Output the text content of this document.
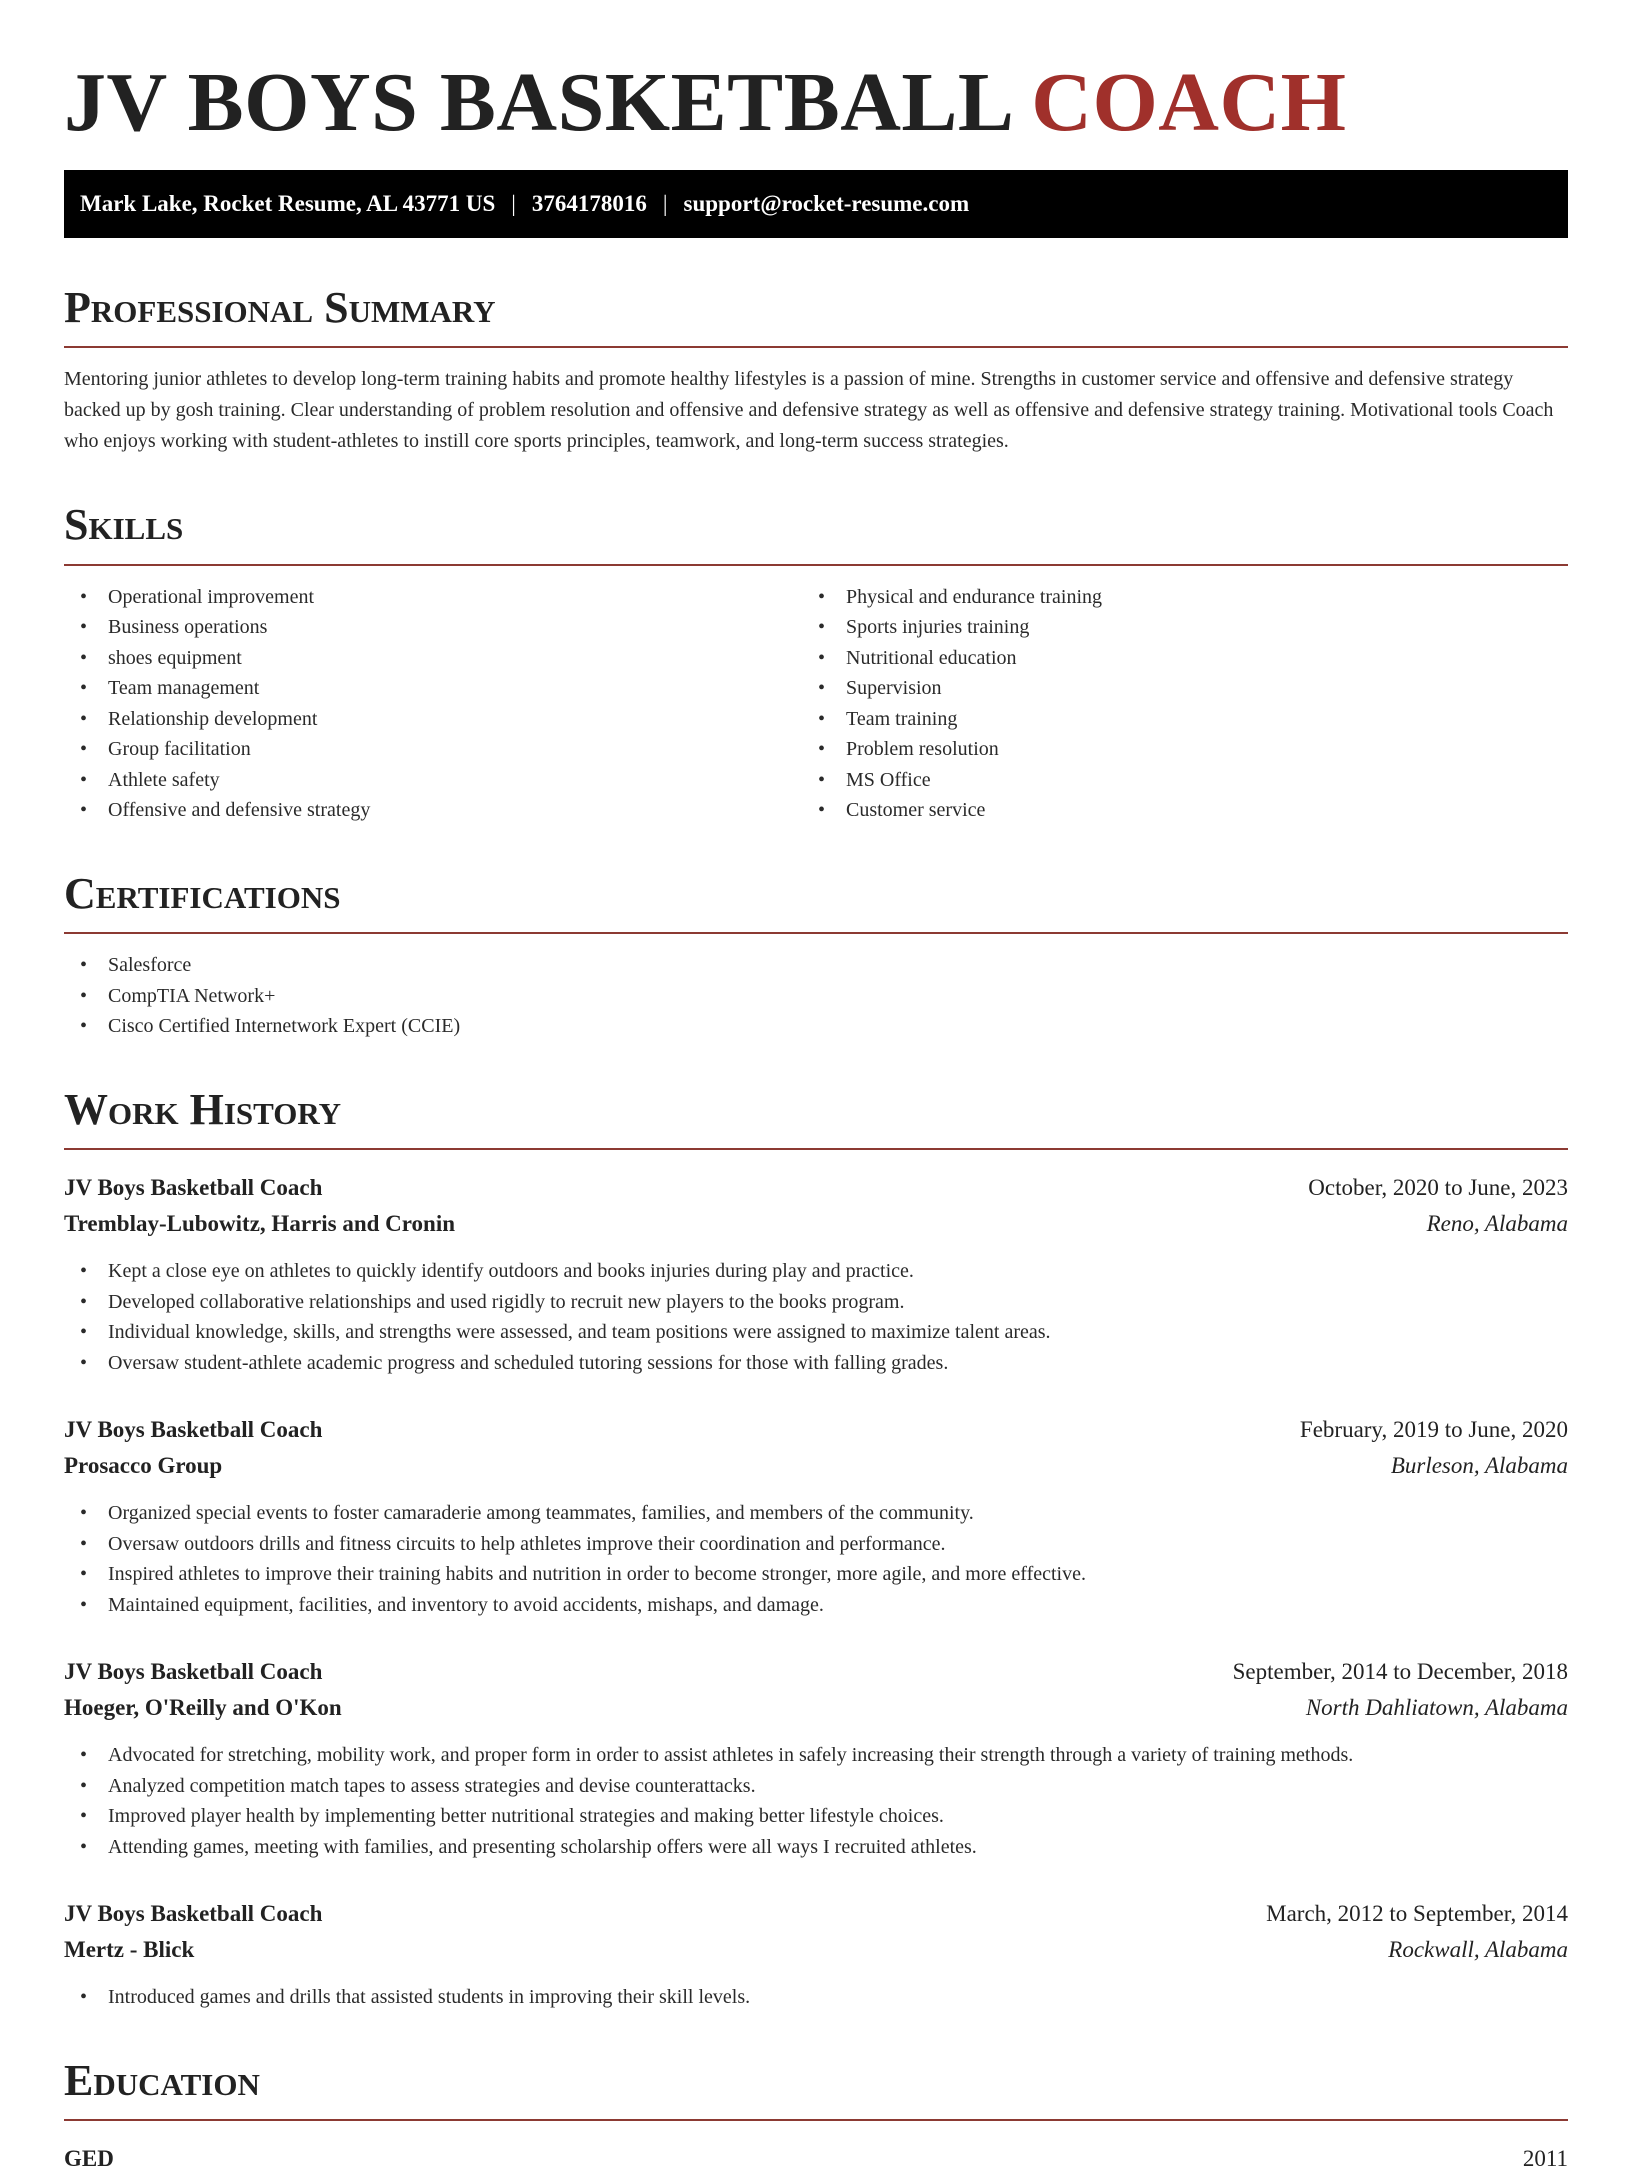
JV BOYS BASKETBALL COACH
Mark Lake, Rocket Resume, AL 43771 US | 3764178016 | support@rocket-resume.com
Professional Summary

Mentoring junior athletes to develop long-term training habits and promote healthy lifestyles is a passion of mine. Strengths in customer service and offensive and defensive strategy backed up by gosh training. Clear understanding of problem resolution and offensive and defensive strategy as well as offensive and defensive strategy training. Motivational tools Coach who enjoys working with student-athletes to instill core sports principles, teamwork, and long-term success strategies.

Skills
• Operational improvement
• Business operations
• shoes equipment
• Team management
• Relationship development
• Group facilitation
• Athlete safety
• Offensive and defensive strategy
• Physical and endurance training
• Sports injuries training
• Nutritional education
• Supervision
• Team training
• Problem resolution
• MS Office
• Customer service
Certifications
• Salesforce
• CompTIA Network+
• Cisco Certified Internetwork Expert (CCIE)
Work History
JV Boys Basketball Coach	October, 2020 to June, 2023
Tremblay-Lubowitz, Harris and Cronin	Reno, Alabama
• Kept a close eye on athletes to quickly identify outdoors and books injuries during play and practice.
• Developed collaborative relationships and used rigidly to recruit new players to the books program.
• Individual knowledge, skills, and strengths were assessed, and team positions were assigned to maximize talent areas.
• Oversaw student-athlete academic progress and scheduled tutoring sessions for those with falling grades.
JV Boys Basketball Coach	February, 2019 to June, 2020
Prosacco Group	Burleson, Alabama
• Organized special events to foster camaraderie among teammates, families, and members of the community.
• Oversaw outdoors drills and fitness circuits to help athletes improve their coordination and performance.
• Inspired athletes to improve their training habits and nutrition in order to become stronger, more agile, and more effective.
• Maintained equipment, facilities, and inventory to avoid accidents, mishaps, and damage.
JV Boys Basketball Coach	September, 2014 to December, 2018
Hoeger, O'Reilly and O'Kon	North Dahliatown, Alabama
• Advocated for stretching, mobility work, and proper form in order to assist athletes in safely increasing their strength through a variety of training methods.
• Analyzed competition match tapes to assess strategies and devise counterattacks.
• Improved player health by implementing better nutritional strategies and making better lifestyle choices.
• Attending games, meeting with families, and presenting scholarship offers were all ways I recruited athletes.
JV Boys Basketball Coach	March, 2012 to September, 2014
Mertz - Blick	Rockwall, Alabama
• Introduced games and drills that assisted students in improving their skill levels.
Education
GED	2011
